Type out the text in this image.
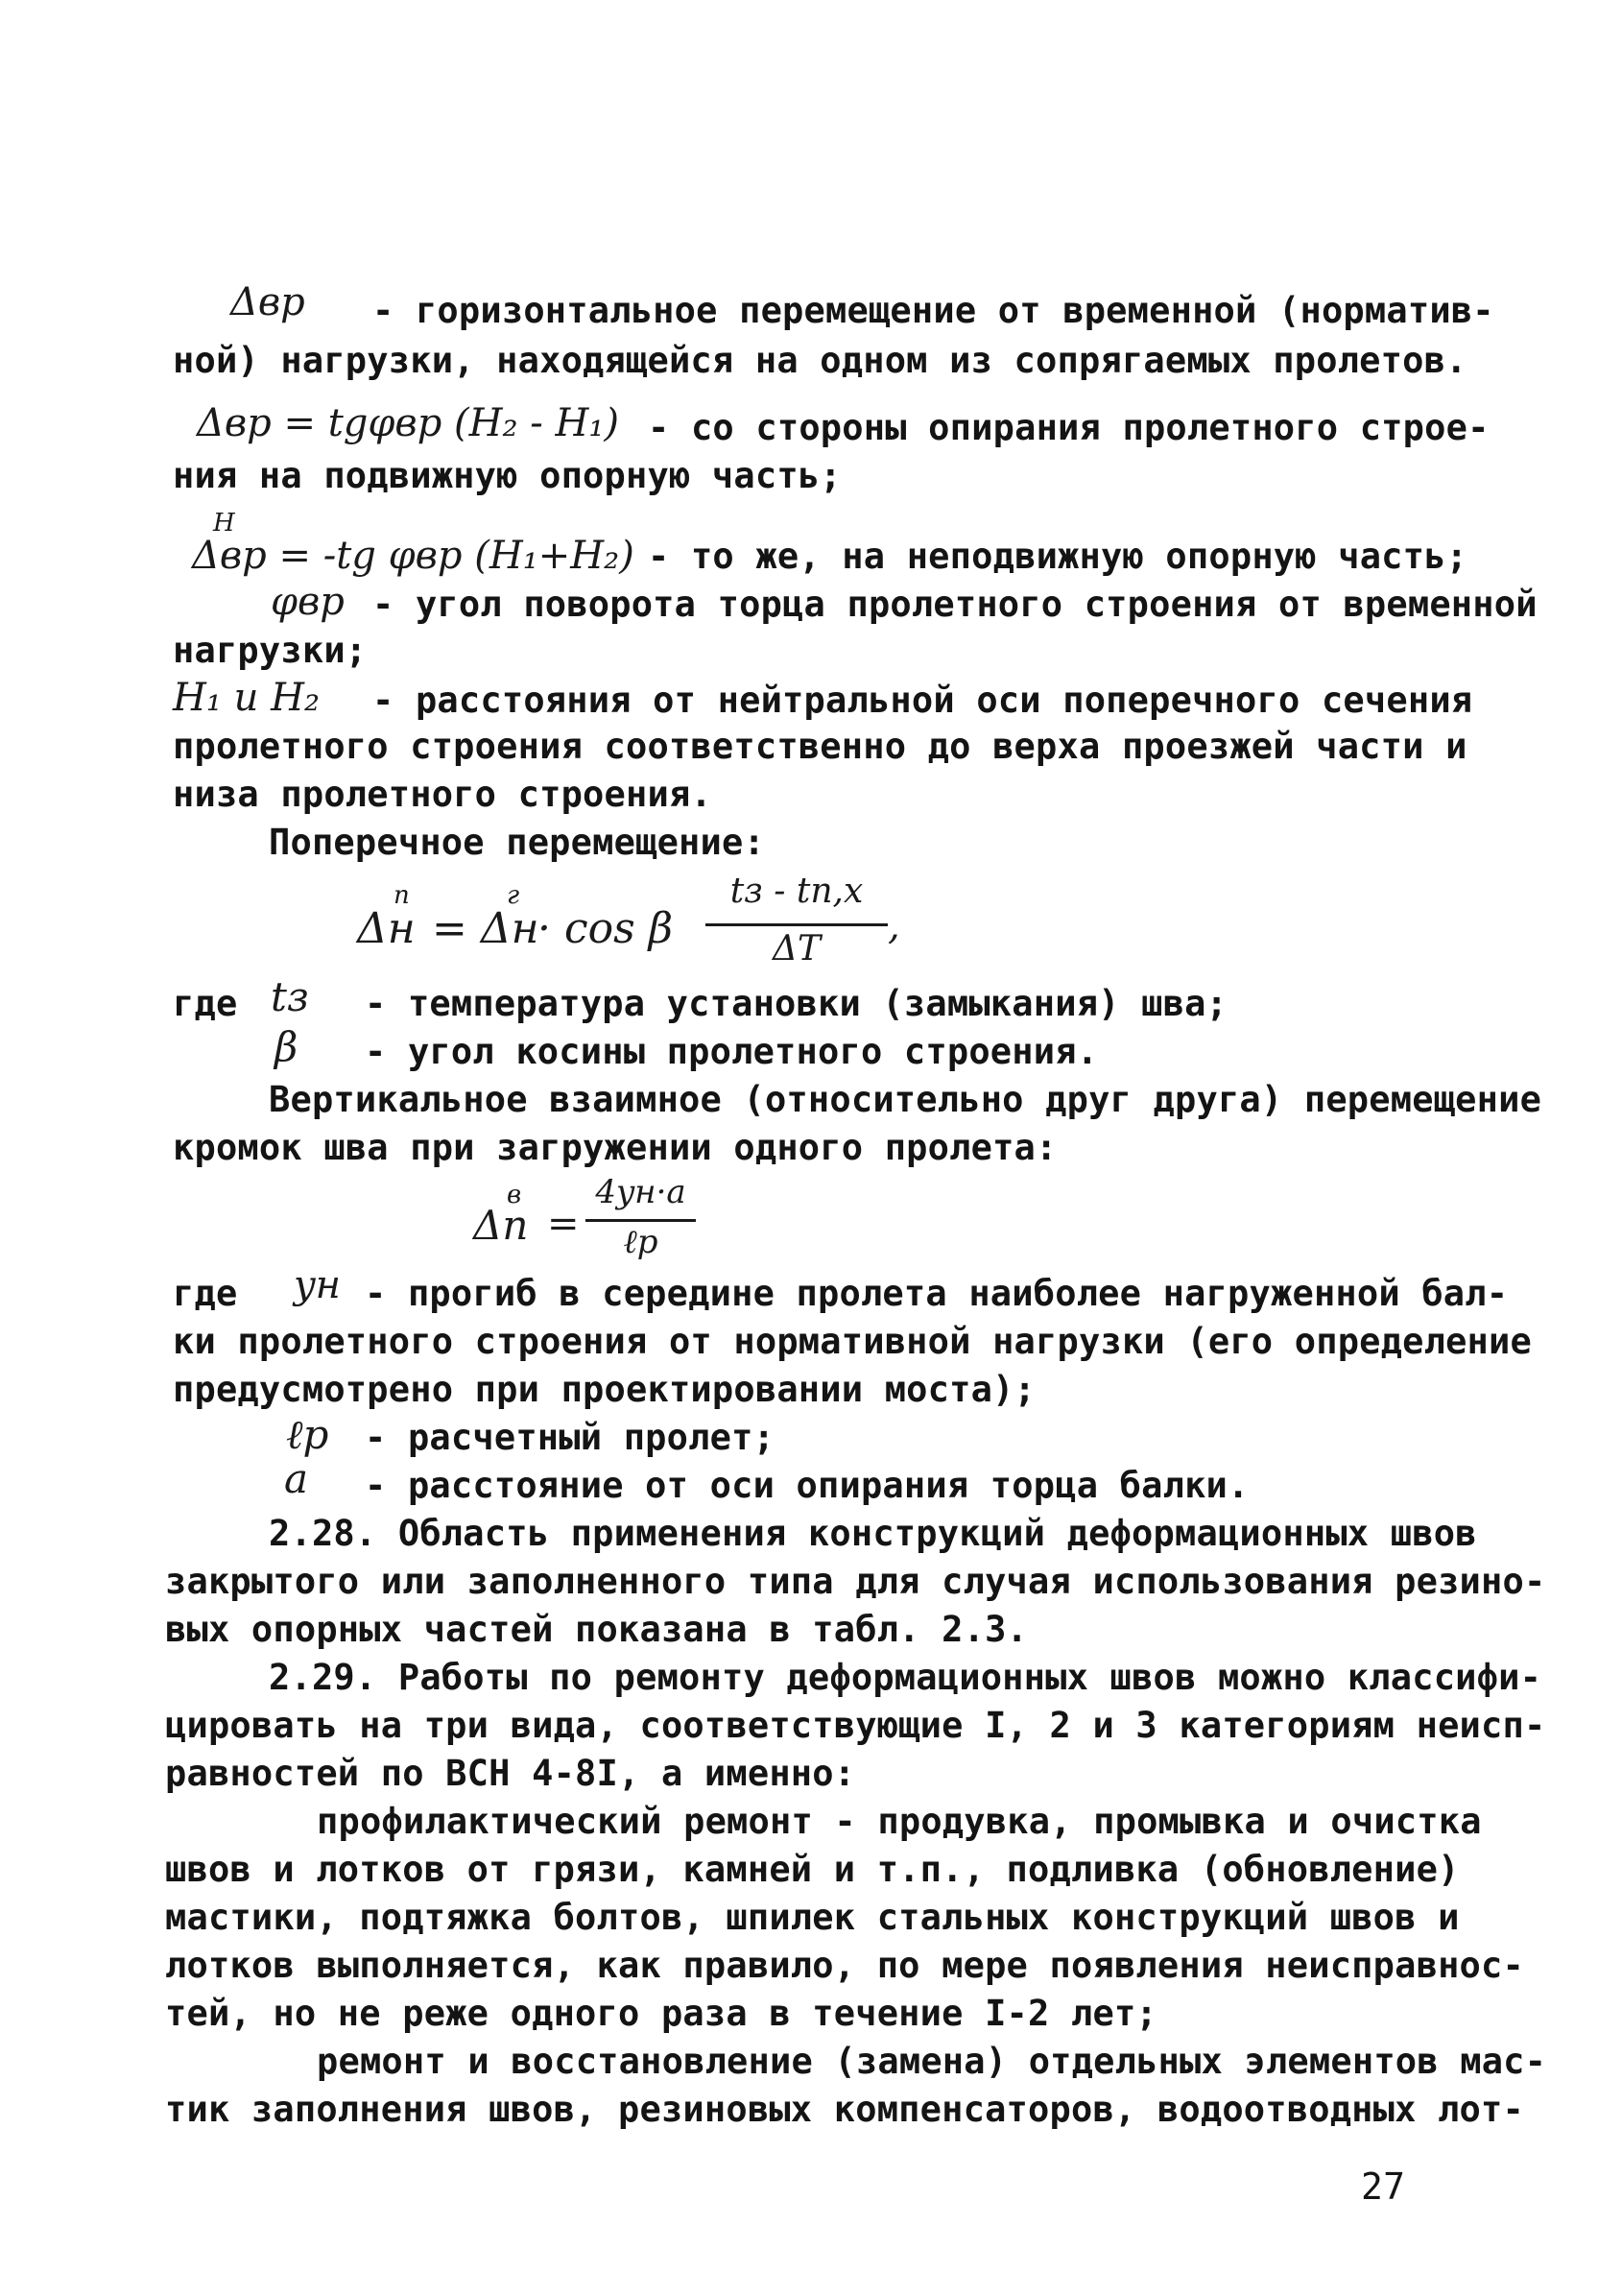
Δвр - горизонтальное перемещение от временной (норматив-
ной) нагрузки, находящейся на одном из сопрягаемых пролетов.
Δвр = tgφвр (H₂ - H₁) - со стороны опирания пролетного строе-
ния на подвижную опорную часть;
H
Δвр = -tg φвр (H₁+H₂) - то же, на неподвижную опорную часть;
φвр - угол поворота торца пролетного строения от временной
нагрузки;
H₁ и H₂ - расстояния от нейтральной оси поперечного сечения
пролетного строения соответственно до верха проезжей части и
низа пролетного строения.
Поперечное перемещение:
Δн
п
= Δн
г
· cos β
tз - tп,х
ΔT
,
где tз - температура установки (замыкания) шва;
β - угол косины пролетного строения.
Вертикальное взаимное (относительно друг друга) перемещение
кромок шва при загружении одного пролета:
Δп
в
=
4yн·a
ℓр
где yн - прогиб в середине пролета наиболее нагруженной бал-
ки пролетного строения от нормативной нагрузки (его определение
предусмотрено при проектировании моста);
ℓр - расчетный пролет;
a - расстояние от оси опирания торца балки.
2.28. Область применения конструкций деформационных швов
закрытого или заполненного типа для случая использования резино-
вых опорных частей показана в табл. 2.3.
2.29. Работы по ремонту деформационных швов можно классифи-
цировать на три вида, соответствующие I, 2 и 3 категориям неисп-
равностей по ВСН 4-8I, а именно:
профилактический ремонт - продувка, промывка и очистка
швов и лотков от грязи, камней и т.п., подливка (обновление)
мастики, подтяжка болтов, шпилек стальных конструкций швов и
лотков выполняется, как правило, по мере появления неисправнос-
тей, но не реже одного раза в течение I-2 лет;
ремонт и восстановление (замена) отдельных элементов мас-
тик заполнения швов, резиновых компенсаторов, водоотводных лот-
27
